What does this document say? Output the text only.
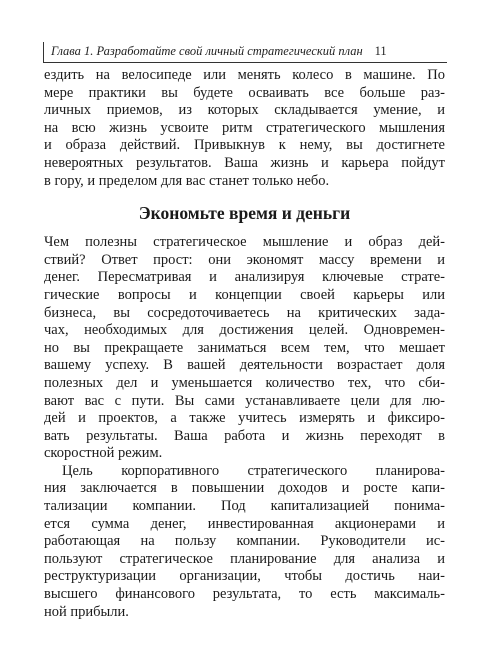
Глава 1. Разработайте свой личный стратегический план 11
ездить на велосипеде или менять колесо в машине. По
мере практики вы будете осваивать все больше раз-
личных приемов, из которых складывается умение, и
на всю жизнь усвоите ритм стратегического мышления
и образа действий. Привыкнув к нему, вы достигнете
невероятных результатов. Ваша жизнь и карьера пойдут
в гору, и пределом для вас станет только небо.
Экономьте время и деньги
Чем полезны стратегическое мышление и образ дей-
ствий? Ответ прост: они экономят массу времени и
денег. Пересматривая и анализируя ключевые страте-
гические вопросы и концепции своей карьеры или
бизнеса, вы сосредоточиваетесь на критических зада-
чах, необходимых для достижения целей. Одновремен-
но вы прекращаете заниматься всем тем, что мешает
вашему успеху. В вашей деятельности возрастает доля
полезных дел и уменьшается количество тех, что сби-
вают вас с пути. Вы сами устанавливаете цели для лю-
дей и проектов, а также учитесь измерять и фиксиро-
вать результаты. Ваша работа и жизнь переходят в
скоростной режим.
Цель корпоративного стратегического планирова-
ния заключается в повышении доходов и росте капи-
тализации компании. Под капитализацией понима-
ется сумма денег, инвестированная акционерами и
работающая на пользу компании. Руководители ис-
пользуют стратегическое планирование для анализа и
реструктуризации организации, чтобы достичь наи-
высшего финансового результата, то есть максималь-
ной прибыли.
